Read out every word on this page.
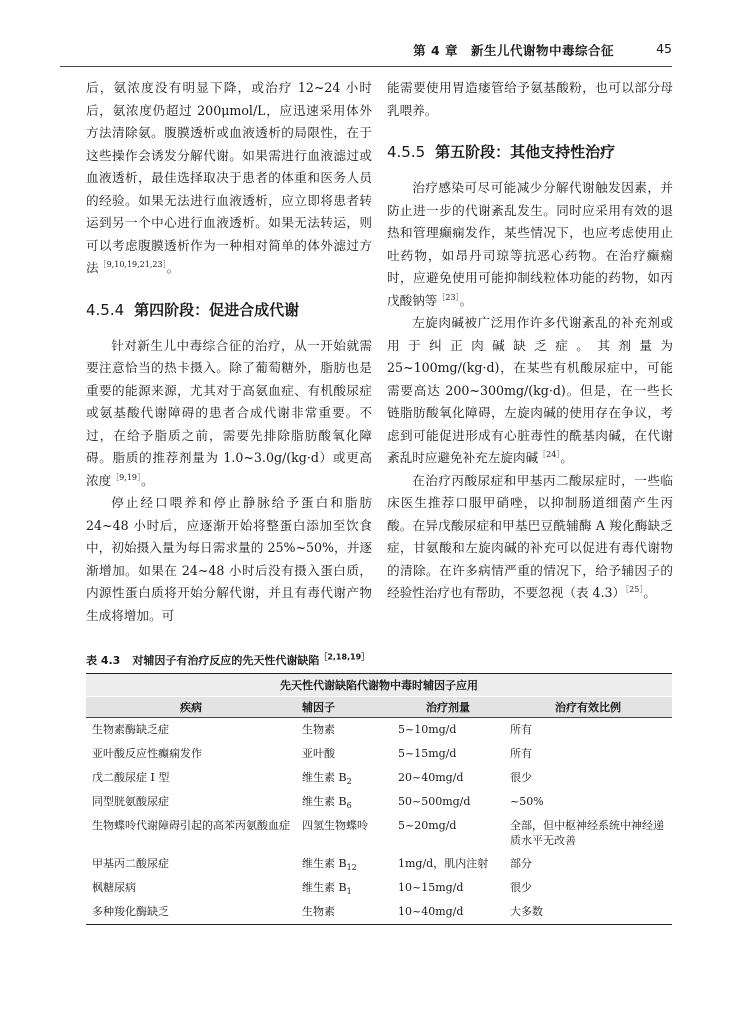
第 4 章　新生儿代谢物中毒综合征	45

后，氨浓度没有明显下降，或治疗 12~24 小时后，氨浓度仍超过 200μmol/L，应迅速采用体外方法清除氨。腹膜透析或血液透析的局限性，在于这些操作会诱发分解代谢。如果需进行血液滤过或血液透析，最佳选择取决于患者的体重和医务人员的经验。如果无法进行血液透析，应立即将患者转运到另一个中心进行血液透析。如果无法转运，则可以考虑腹膜透析作为一种相对简单的体外滤过方法$^{[9,10,19,21,23]}$。

4.5.4 第四阶段：促进合成代谢

针对新生儿中毒综合征的治疗，从一开始就需要注意恰当的热卡摄入。除了葡萄糖外，脂肪也是重要的能源来源，尤其对于高氨血症、有机酸尿症或氨基酸代谢障碍的患者合成代谢非常重要。不过，在给予脂质之前，需要先排除脂肪酸氧化障碍。脂质的推荐剂量为 1.0~3.0g/(kg·d）或更高浓度$^{[9,19]}$。

停止经口喂养和停止静脉给予蛋白和脂肪 24~48 小时后，应逐渐开始将整蛋白添加至饮食中，初始摄入量为每日需求量的 25%~50%，并逐渐增加。如果在 24~48 小时后没有摄入蛋白质，内源性蛋白质将开始分解代谢，并且有毒代谢产物生成将增加。可

能需要使用胃造瘘管给予氨基酸粉，也可以部分母乳喂养。

4.5.5 第五阶段：其他支持性治疗

治疗感染可尽可能减少分解代谢触发因素，并防止进一步的代谢紊乱发生。同时应采用有效的退热和管理癫痫发作，某些情况下，也应考虑使用止吐药物，如昂丹司琼等抗恶心药物。在治疗癫痫时，应避免使用可能抑制线粒体功能的药物，如丙戊酸钠等$^{[23]}$。

左旋肉碱被广泛用作许多代谢紊乱的补充剂或用于纠正肉碱缺乏症。其剂量为 25~100mg/(kg·d)，在某些有机酸尿症中，可能需要高达 200~300mg/(kg·d)。但是，在一些长链脂肪酸氧化障碍，左旋肉碱的使用存在争议，考虑到可能促进形成有心脏毒性的酰基肉碱，在代谢紊乱时应避免补充左旋肉碱$^{[24]}$。

在治疗丙酸尿症和甲基丙二酸尿症时，一些临床医生推荐口服甲硝唑，以抑制肠道细菌产生丙酸。在异戊酸尿症和甲基巴豆酰辅酶 A 羧化酶缺乏症，甘氨酸和左旋肉碱的补充可以促进有毒代谢物的清除。在许多病情严重的情况下，给予辅因子的经验性治疗也有帮助，不要忽视（表 4.3）$^{[25]}$。

表 4.3 对辅因子有治疗反应的先天性代谢缺陷$^{[2,18,19]}$
先天性代谢缺陷代谢物中毒时辅因子应用			
疾病	辅因子	治疗剂量	治疗有效比例
生物素酶缺乏症	生物素	5~10mg/d	所有
亚叶酸反应性癫痫发作	亚叶酸	5~15mg/d	所有
戊二酸尿症 Ⅰ 型	维生素 $B_2$	20~40mg/d	很少
同型胱氨酸尿症	维生素 $B_6$	50~500mg/d	~50%
生物蝶呤代谢障碍引起的高苯丙氨酸血症	四氢生物蝶呤	5~20mg/d	全部，但中枢神经系统中神经递质水平无改善
甲基丙二酸尿症	维生素 $B_{12}$	1mg/d，肌内注射	部分
枫糖尿病	维生素 $B_1$	10~15mg/d	很少
多种羧化酶缺乏	生物素	10~40mg/d	大多数
